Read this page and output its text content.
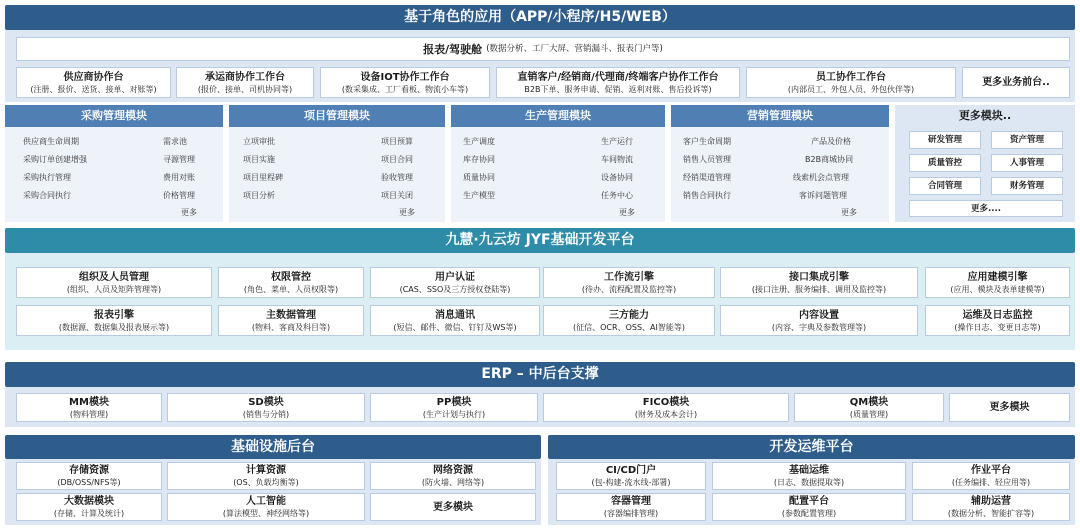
基于角色的应用（APP/小程序/H5/WEB）
报表/驾驶舱 (数据分析、工厂大屏、营销漏斗、报表门户等)
供应商协作台
(注册、报价、送货、接单、对账等)
承运商协作工作台
(报价、接单、司机协同等)
设备IOT协作工作台
(数采集成、工厂看板、物流小车等)
直销客户/经销商/代理商/终端客户协作工作台
B2B下单、服务申请、促销、返利对账、售后投诉等)
员工协作工作台
(内部员工、外包人员、外包伙伴等)
更多业务前台..
采购管理模块
供应商生命周期	需求池
采购订单创建增强	寻源管理
采购执行管理	费用对账
采购合同执行	价格管理
更多
项目管理模块
立项审批	项目预算
项目实施	项目合同
项目里程碑	验收管理
项目分析	项目关闭
更多
生产管理模块
生产调度	生产运行
库存协同	车间物流
质量协同	设备协同
生产模型	任务中心
更多
营销管理模块
客户生命周期	产品及价格
销售人员管理	B2B商城协同
经销渠道管理	线索机会点管理
销售合同执行	客诉问题管理
更多
更多模块..
研发管理	资产管理
质量管控	人事管理
合同管理	财务管理
更多....
九慧·九云坊 JYF基础开发平台
组织及人员管理
(组织、人员及矩阵管理等)
权限管控
(角色、菜单、人员权限等)
用户认证
(CAS、SSO及三方授权登陆等)
工作流引擎
(待办、流程配置及监控等)
接口集成引擎
(接口注册、服务编排、调用及监控等)
应用建模引擎
(应用、模块及表单建模等)
报表引擎
(数据源、数据集及报表展示等)
主数据管理
(物料、客商及科目等)
消息通讯
(短信、邮件、微信、钉钉及WS等)
三方能力
(征信、OCR、OSS、AI智能等)
内容设置
(内容、字典及参数管理等)
运维及日志监控
(操作日志、变更日志等)
ERP – 中后台支撑
MM模块
(物料管理)
SD模块
(销售与分销)
PP模块
(生产计划与执行)
FICO模块
(财务及成本会计)
QM模块
(质量管理)
更多模块
基础设施后台
存储资源
(DB/OSS/NFS等)
计算资源
(OS、负载均衡等)
网络资源
(防火墙、网络等)
大数据模块
(存储、计算及统计)
人工智能
(算法模型、神经网络等)
更多模块
开发运维平台
CI/CD门户
(包-构建-流水线-部署)
基础运维
(日志、数据提取等)
作业平台
(任务编排、轻应用等)
容器管理
(容器编排管理)
配置平台
(参数配置管理)
辅助运营
(数据分析、智能扩容等)
